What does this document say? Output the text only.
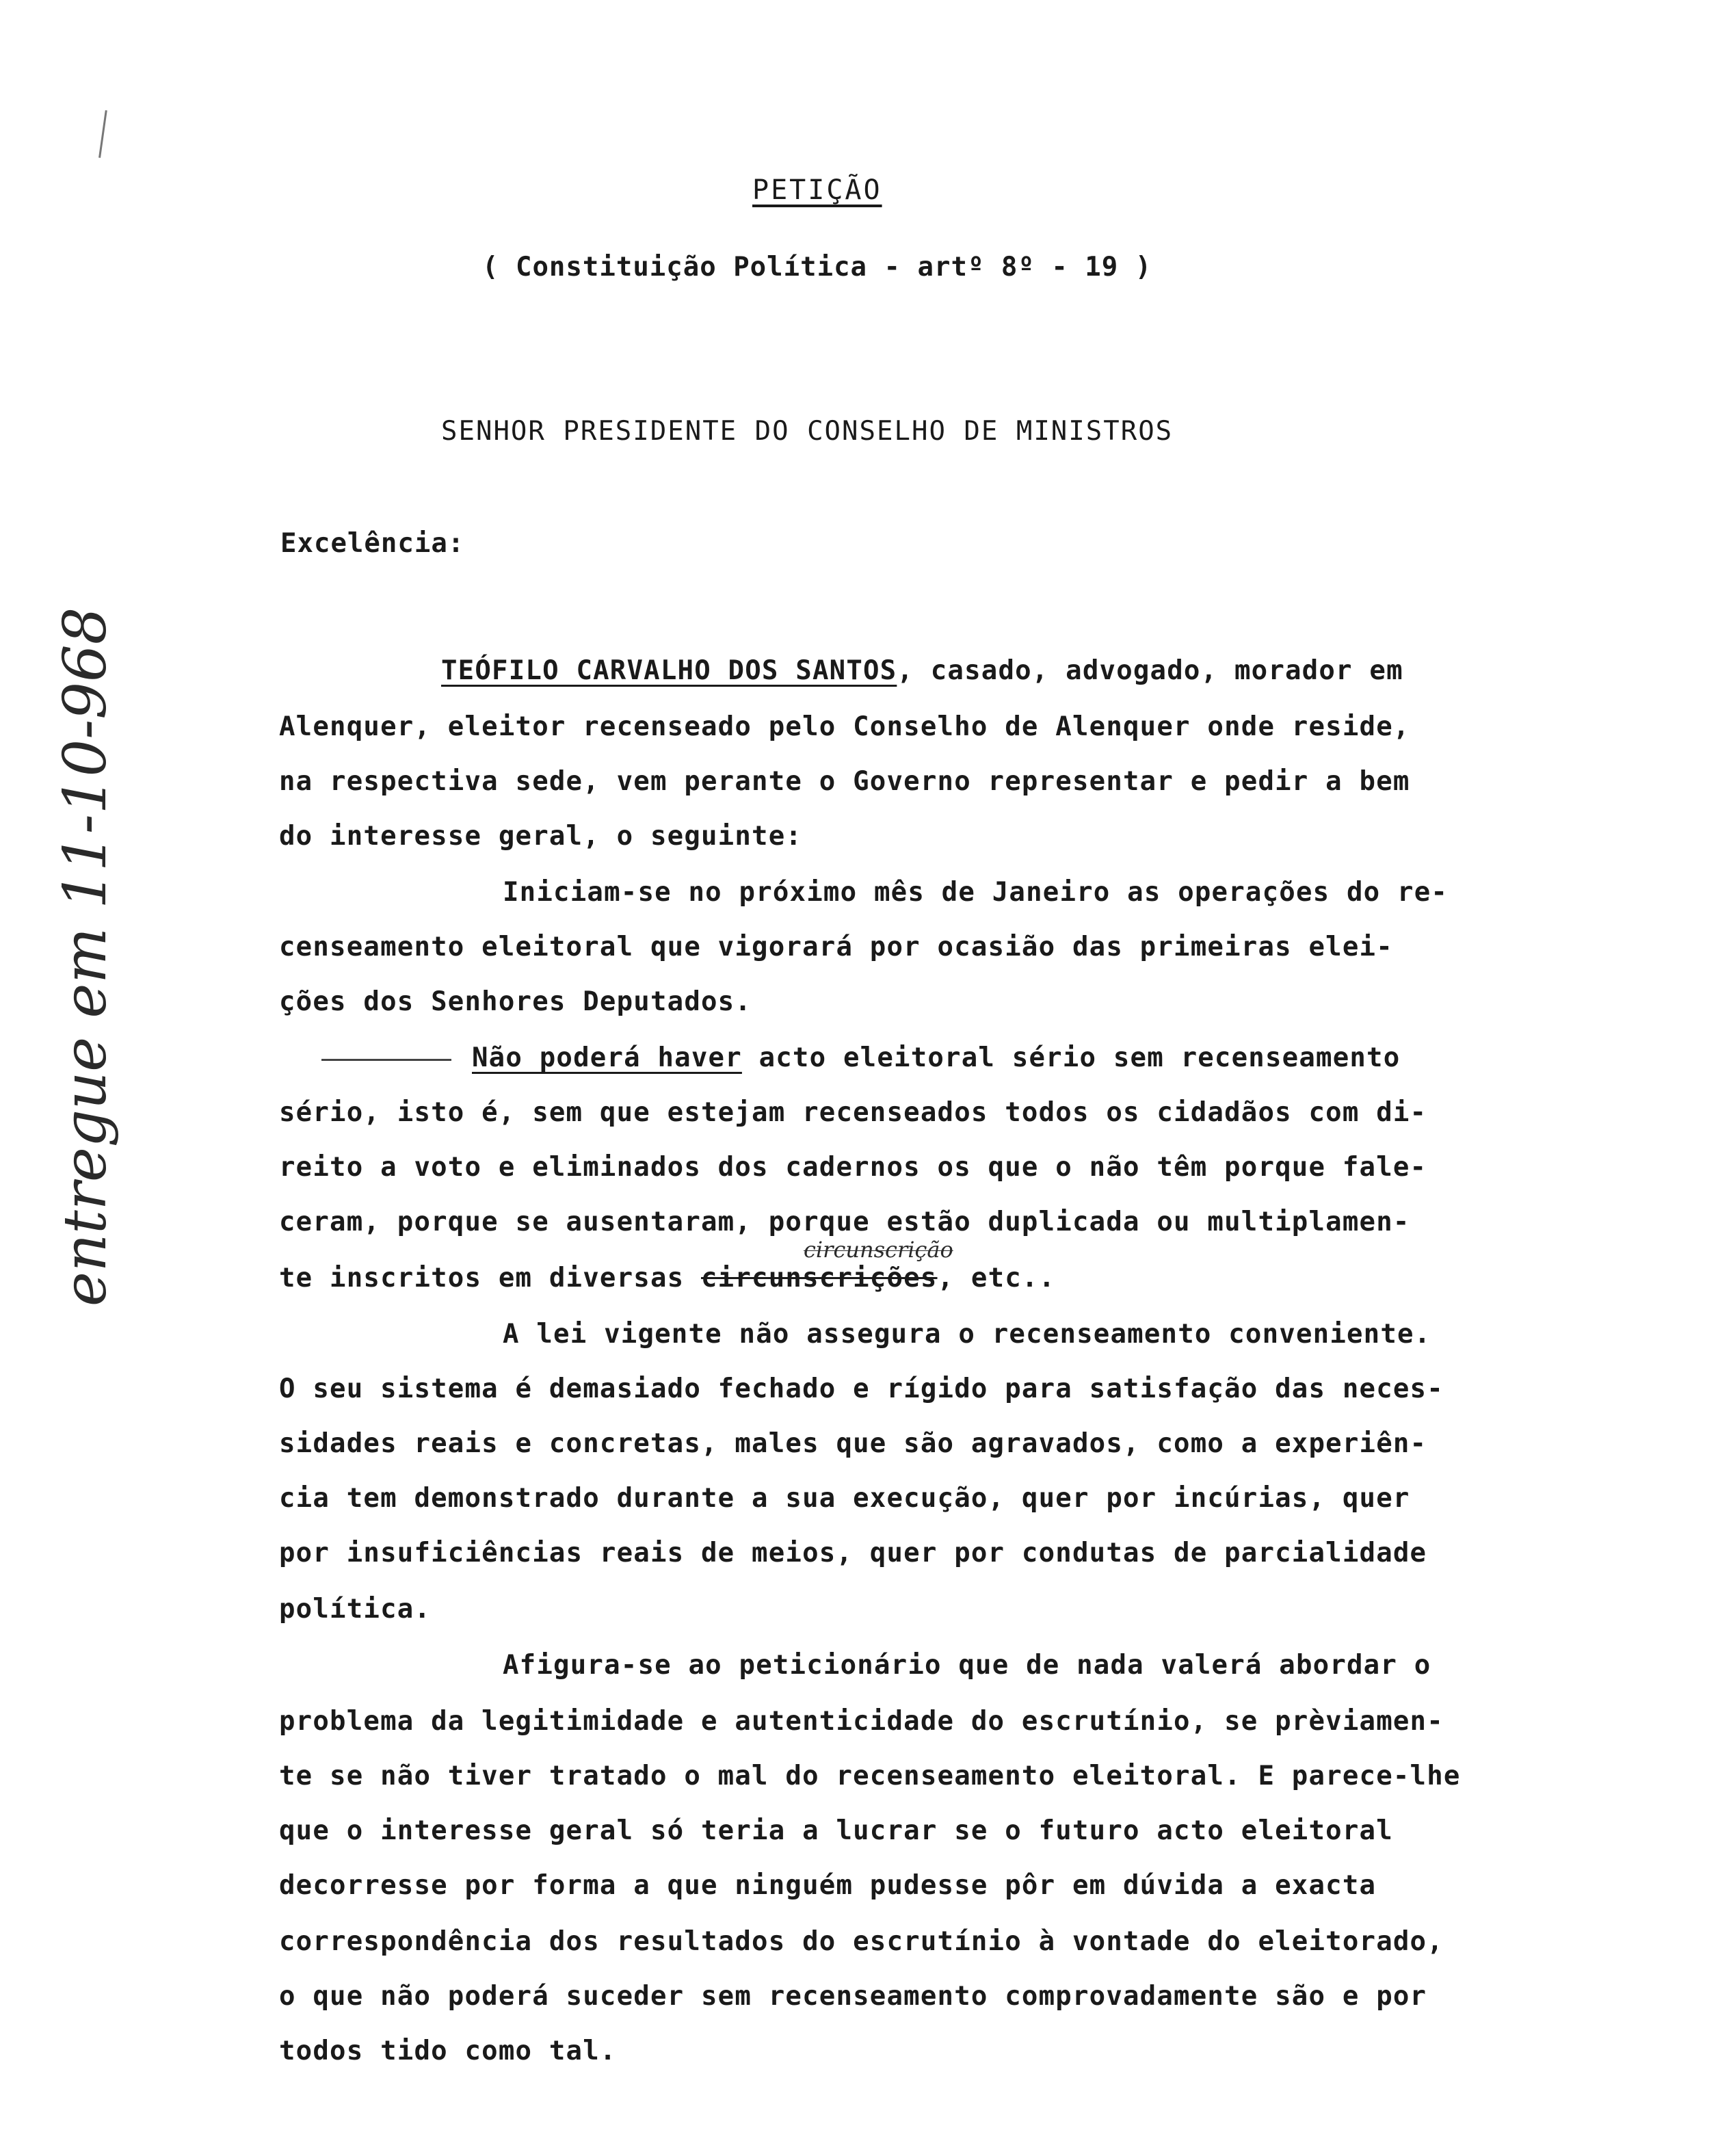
entregue em 11-10-968
PETIÇÃO
( Constituição Política - artº 8º - 19 )
SENHOR PRESIDENTE DO CONSELHO DE MINISTROS
Excelência:
TEÓFILO CARVALHO DOS SANTOS, casado, advogado, morador em
Alenquer, eleitor recenseado pelo Conselho de Alenquer onde reside,
na respectiva sede, vem perante o Governo representar e pedir a bem
do interesse geral, o seguinte:
Iniciam-se no próximo mês de Janeiro as operações do re-
censeamento eleitoral que vigorará por ocasião das primeiras elei-
ções dos Senhores Deputados.
Não poderá haver acto eleitoral sério sem recenseamento
sério, isto é, sem que estejam recenseados todos os cidadãos com di-
reito a voto e eliminados dos cadernos os que o não têm porque fale-
ceram, porque se ausentaram, porque estão duplicada ou multiplamen-
circunscrição
te inscritos em diversas circunscrições, etc..
A lei vigente não assegura o recenseamento conveniente.
O seu sistema é demasiado fechado e rígido para satisfação das neces-
sidades reais e concretas, males que são agravados, como a experiên-
cia tem demonstrado durante a sua execução, quer por incúrias, quer
por insuficiências reais de meios, quer por condutas de parcialidade
política.
Afigura-se ao peticionário que de nada valerá abordar o
problema da legitimidade e autenticidade do escrutínio, se prèviamen-
te se não tiver tratado o mal do recenseamento eleitoral. E parece-lhe
que o interesse geral só teria a lucrar se o futuro acto eleitoral
decorresse por forma a que ninguém pudesse pôr em dúvida a exacta
correspondência dos resultados do escrutínio à vontade do eleitorado,
o que não poderá suceder sem recenseamento comprovadamente são e por
todos tido como tal.
